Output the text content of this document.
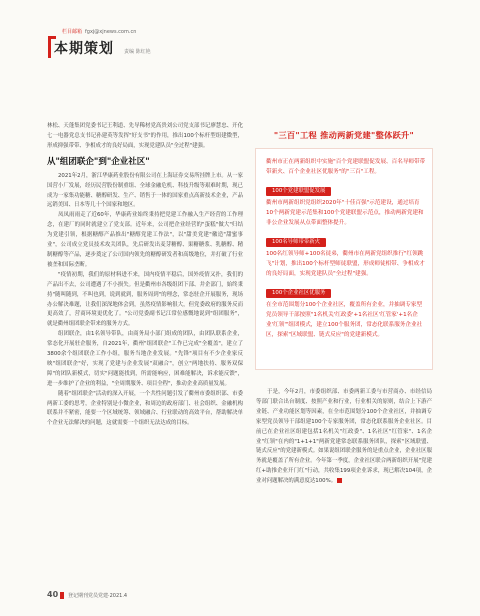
栏目邮箱 fgxj@xjnews.com.cn
本期策划 责编 陈红艳

林松、天蓬集团党委书记王利道、先导稀材党高贵刘公司党支部书记廖慧忠、开化七一电器党总支书记孙建英等发挥"好支书"的作用，推出100个标杆型组建微型，形成抑强带带、争相成才的良好局面，实现党建队员"全过程"建强。

从"组团联企"到"企业社区"

2021年2月，浙江华康药业股份有限公司在上海证券交易所挂牌上市。从一家国营小厂发展，经历民营股份制重组、全球金融危机、科技升级等艰难时期，现已成为一家集功能糖、糖醇研发、生产、销售于一体的国家重点高新技术企业，产品远销美国、日本等几十个国家和地区。

凤凤雨雨走了近60年，华康药业始终秉持把党建工作融入生产经营的工作理念，在建厂的同时就建立了党支部。近年来，公司把企业经营的"蛋糕"做大"归结为党建引领，根据糖醇产品推出"糖醇党建工作法"，以"甜美党建"徽造"甜蜜事业"，公司成立党员技术攻关团队，先后研发出麦芽糖醇、果糖糖浆、乳糖醇、精制糖醇等产品，逐步奠定了公司国内领先的糖醇研发者和高级地位，并打破了行业被垄和国际垄断。

"疫情初期，我们的原材料进不来，国内疫情平稳后，国外疫情又扑，我们的产品出不去，公司遭遇了不小损失。但是衢州市各级组团下部、井企部门，始终秉持"随叫随到，不叫也到，说到就到，服务周到"的理念，常态驻企开展服务，现场办公解决难题，让我们深深地体会到，虽然疫情影响很大，但党委政府的服务反而更高效了，营商环境更优化了。"公司党委副书记江常位感慨地说到"组团服务"，就是衢州组团联企带来的服务方式。

组团联企，由1名领导带队，由商务局小部门组成的团队，由团队联系企业，常态化开展驻企服务，自2021年，衢州"组团联企"工作已完成"全覆盖"，建立了3800余个组团联企工作小组，服务当地企业发展。"先锋"项目有不少企业家反映"组团联企"好，实现了党建与企业发展"双融合"，创立"两地扶持、服务双保障"的团队新模式，切实"问题能找到，所需能响应，困难能解决，诉求能反馈"，进一步维护了企业的利益，"全周期服务、项目全程"，推动企业高质量发展。

随着"组团联企"活动的深入开展，一个共性问题引发了衢州市委组织部、市委两新工委的思考，企业特别是小微企业，和周边的政府部门、社会组织、金融机构联系并不紧密，能要一个区域统筹、领域融合、行业联动的高效平台，帮助解决单个企业无法解决的问题，这就需要一个组织无法达成的目标。

"三百"工程 推动两新党建"整体跃升"

衢州市正在两新组织中实施"百个党建联盟促发展、百名导师带带带新火、百个企业社区优服务"的"三百"工程。

100个党建联盟促发展

衢州市两新组织党组织2020年"十佳百强"示范建设，通过培育10个两新党建示范集和100个党建联盟示范点，推动两新党建和非公企业发展从点带面整体提升。

100名导师带带新火

100名红领导师+100名徒弟，衢州市在两新党组织推行"红领跳飞"计划，推出100个标杆型师徒联盟，形成师徒相带、争相成才的良好局面，实现党建队员"全过程"建强。

100个企业社区优服务

在全市范围划分100个企业社区，覆盖所有企业，并抽调专家型党员领导干部按照"1名机关'红政委'+1名社区'红管家'+1名企业'红领'"组团模式，建立100个服务团，常态化联系服务企业社区，探索"区域联盟、链式反应"的党建新模式。

于是，今年2月，市委组织部、市委两新工委与市营商办、市经信局等部门联合出台制度、按照产业和行业，行业相关的原则，结合上下游产业链、产业功能区划等因素，在全市范围划分100个企业社区，并抽调专家型党员领导干部组建100个专家服务团，常态化联系服务企业社区。目前已在企业社区组建包括1名机关"红政委"、1名社区"红管家"、1名企业"红领"在内的"1+1+1"两新党建常态联系服务团队，探索"区域联盟、链式反应"的党建新模式。如果说组团联企服务的是重点企业，企业社区服务就是覆盖了所有企业。今年第一季度，企业社区联合两新组织开展"党建红+助推企业开门红"行动，共收集199项企业诉求，现已解决104项，企业对问题解决的满意度达100%。

40 登记期刊党员党建·2021.4
